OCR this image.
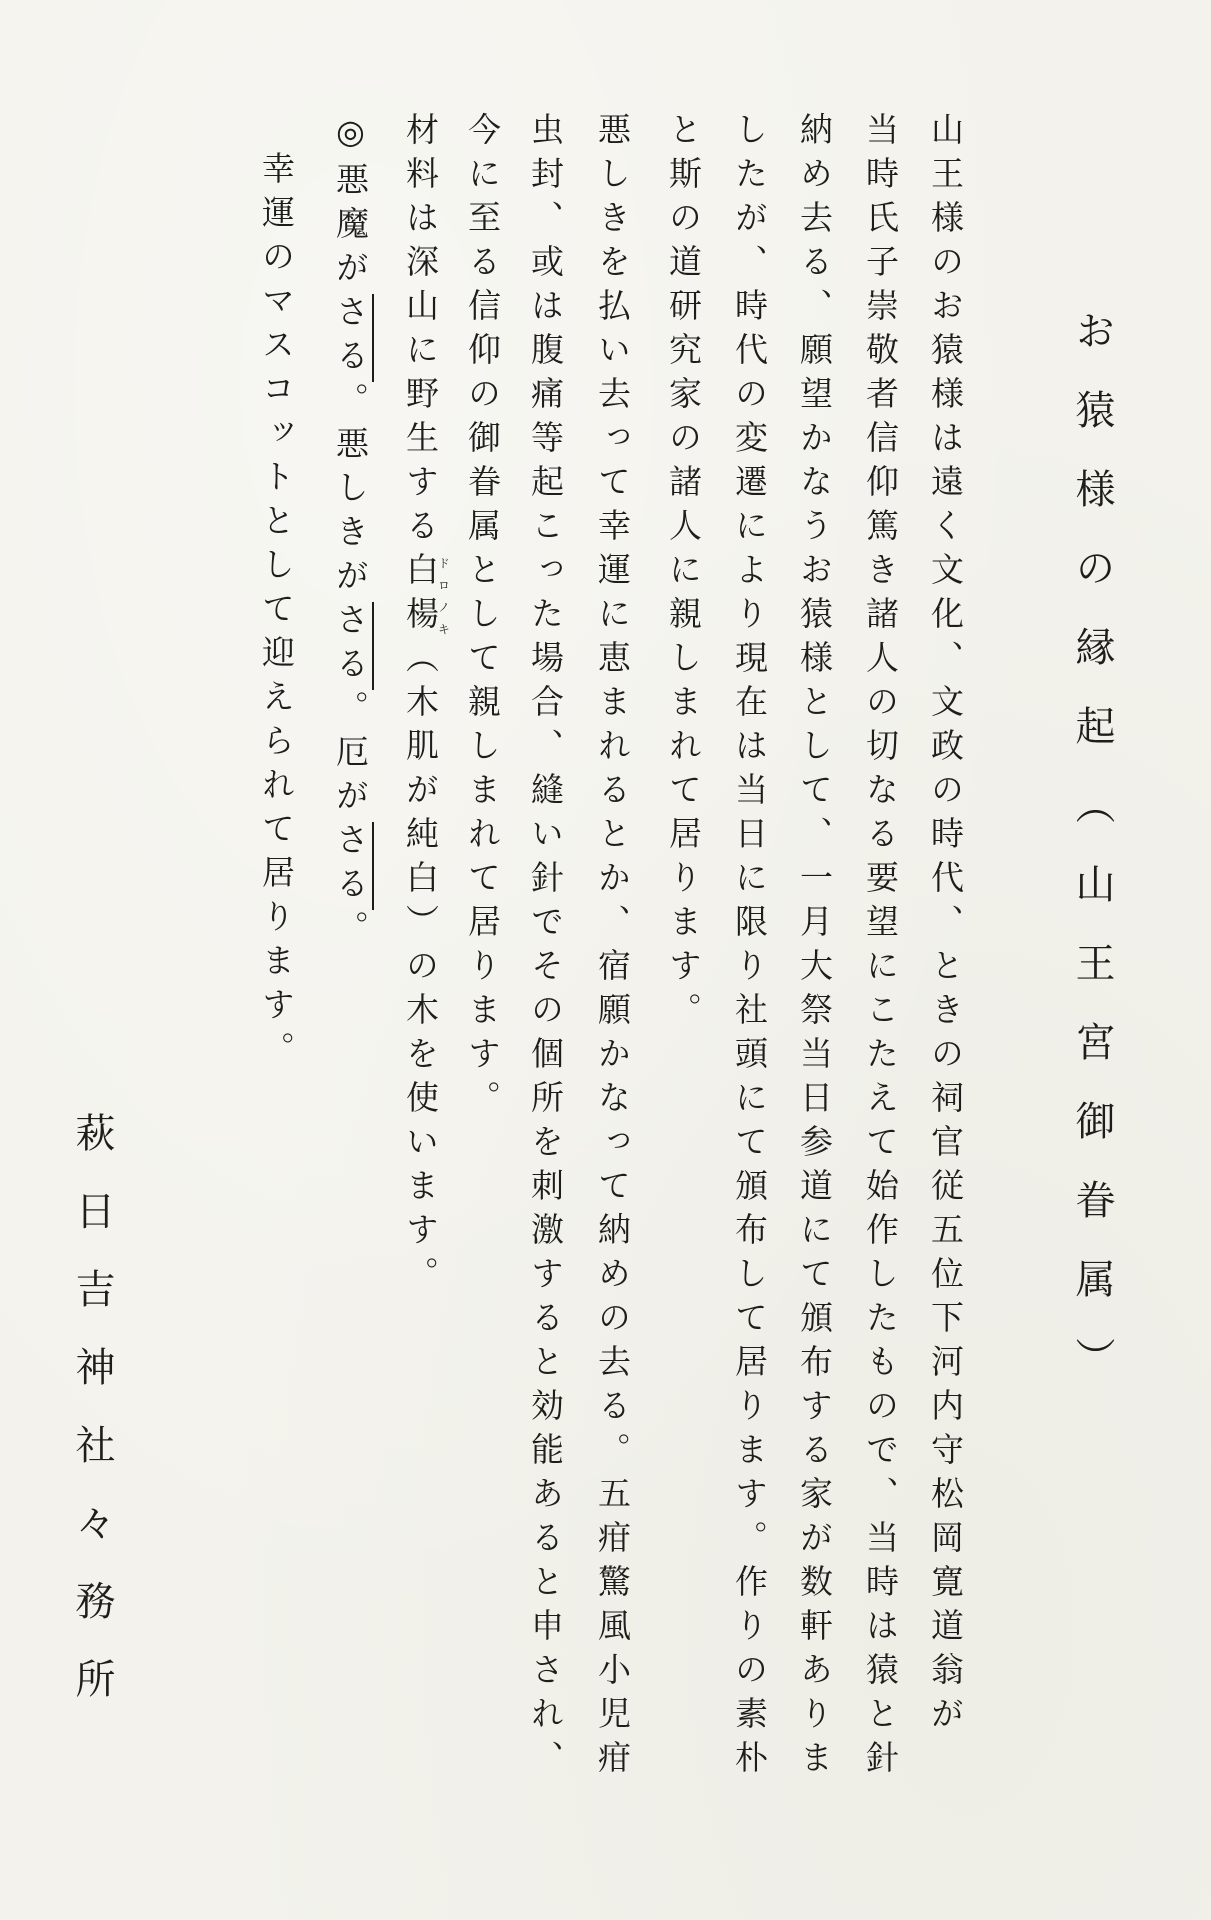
お猿様の縁起（山王宮御眷属）
山王様のお猿様は遠く文化、文政の時代、ときの祠官従五位下河内守松岡寛道翁が
当時氏子崇敬者信仰篤き諸人の切なる要望にこたえて始作したもので、当時は猿と針
納め去る、願望かなうお猿様として、一月大祭当日参道にて頒布する家が数軒ありま
したが、時代の変遷により現在は当日に限り社頭にて頒布して居ります。作りの素朴
と斯の道研究家の諸人に親しまれて居ります。
悪しきを払い去って幸運に恵まれるとか、宿願かなって納めの去る。五疳驚風小児疳
虫封、或は腹痛等起こった場合、縫い針でその個所を刺激すると効能あると申され、
今に至る信仰の御眷属として親しまれて居ります。
材料は深山に野生する白楊ドロノキ（木肌が純白）の木を使います。
◎悪魔がさる。悪しきがさる。厄がさる。
幸運のマスコットとして迎えられて居ります。
萩日吉神社々務所
